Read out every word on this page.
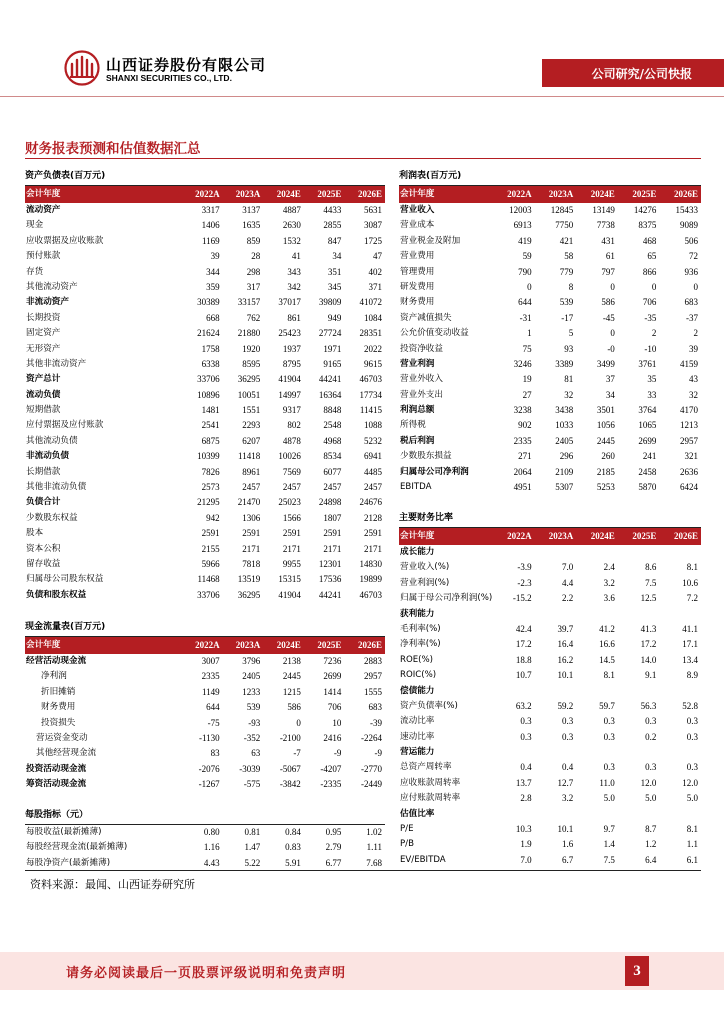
山西证券股份有限公司
SHANXI SECURITIES CO., LTD.	公司研究/公司快报
财务报表预测和估值数据汇总
资产负债表(百万元)
会计年度	2022A	2023A	2024E	2025E	2026E
流动资产	3317	3137	4887	4433	5631
现金	1406	1635	2630	2855	3087
应收票据及应收账款	1169	859	1532	847	1725
预付账款	39	28	41	34	47
存货	344	298	343	351	402
其他流动资产	359	317	342	345	371
非流动资产	30389	33157	37017	39809	41072
长期投资	668	762	861	949	1084
固定资产	21624	21880	25423	27724	28351
无形资产	1758	1920	1937	1971	2022
其他非流动资产	6338	8595	8795	9165	9615
资产总计	33706	36295	41904	44241	46703
流动负债	10896	10051	14997	16364	17734
短期借款	1481	1551	9317	8848	11415
应付票据及应付账款	2541	2293	802	2548	1088
其他流动负债	6875	6207	4878	4968	5232
非流动负债	10399	11418	10026	8534	6941
长期借款	7826	8961	7569	6077	4485
其他非流动负债	2573	2457	2457	2457	2457
负债合计	21295	21470	25023	24898	24676
少数股东权益	942	1306	1566	1807	2128
股本	2591	2591	2591	2591	2591
资本公积	2155	2171	2171	2171	2171
留存收益	5966	7818	9955	12301	14830
归属母公司股东权益	11468	13519	15315	17536	19899
负债和股东权益	33706	36295	41904	44241	46703
现金流量表(百万元)
会计年度	2022A	2023A	2024E	2025E	2026E
经营活动现金流	3007	3796	2138	7236	2883
净利润	2335	2405	2445	2699	2957
折旧摊销	1149	1233	1215	1414	1555
财务费用	644	539	586	706	683
投资损失	-75	-93	0	10	-39
营运资金变动	-1130	-352	-2100	2416	-2264
其他经营现金流	83	63	-7	-9	-9
投资活动现金流	-2076	-3039	-5067	-4207	-2770
筹资活动现金流	-1267	-575	-3842	-2335	-2449
每股指标（元）
每股收益(最新摊薄)	0.80	0.81	0.84	0.95	1.02
每股经营现金流(最新摊薄)	1.16	1.47	0.83	2.79	1.11
每股净资产(最新摊薄)	4.43	5.22	5.91	6.77	7.68
利润表(百万元)
会计年度	2022A	2023A	2024E	2025E	2026E
营业收入	12003	12845	13149	14276	15433
营业成本	6913	7750	7738	8375	9089
营业税金及附加	419	421	431	468	506
营业费用	59	58	61	65	72
管理费用	790	779	797	866	936
研发费用	0	8	0	0	0
财务费用	644	539	586	706	683
资产减值损失	-31	-17	-45	-35	-37
公允价值变动收益	1	5	0	2	2
投资净收益	75	93	-0	-10	39
营业利润	3246	3389	3499	3761	4159
营业外收入	19	81	37	35	43
营业外支出	27	32	34	33	32
利润总额	3238	3438	3501	3764	4170
所得税	902	1033	1056	1065	1213
税后利润	2335	2405	2445	2699	2957
少数股东损益	271	296	260	241	321
归属母公司净利润	2064	2109	2185	2458	2636
EBITDA	4951	5307	5253	5870	6424
主要财务比率
会计年度	2022A	2023A	2024E	2025E	2026E
成长能力
营业收入(%)	-3.9	7.0	2.4	8.6	8.1
营业利润(%)	-2.3	4.4	3.2	7.5	10.6
归属于母公司净利润(%)	-15.2	2.2	3.6	12.5	7.2
获利能力
毛利率(%)	42.4	39.7	41.2	41.3	41.1
净利率(%)	17.2	16.4	16.6	17.2	17.1
ROE(%)	18.8	16.2	14.5	14.0	13.4
ROIC(%)	10.7	10.1	8.1	9.1	8.9
偿债能力
资产负债率(%)	63.2	59.2	59.7	56.3	52.8
流动比率	0.3	0.3	0.3	0.3	0.3
速动比率	0.3	0.3	0.3	0.2	0.3
营运能力
总资产周转率	0.4	0.4	0.3	0.3	0.3
应收账款周转率	13.7	12.7	11.0	12.0	12.0
应付账款周转率	2.8	3.2	5.0	5.0	5.0
估值比率
P/E	10.3	10.1	9.7	8.7	8.1
P/B	1.9	1.6	1.4	1.2	1.1
EV/EBITDA	7.0	6.7	7.5	6.4	6.1
资料来源：最闻、山西证券研究所
请务必阅读最后一页股票评级说明和免责声明	3
